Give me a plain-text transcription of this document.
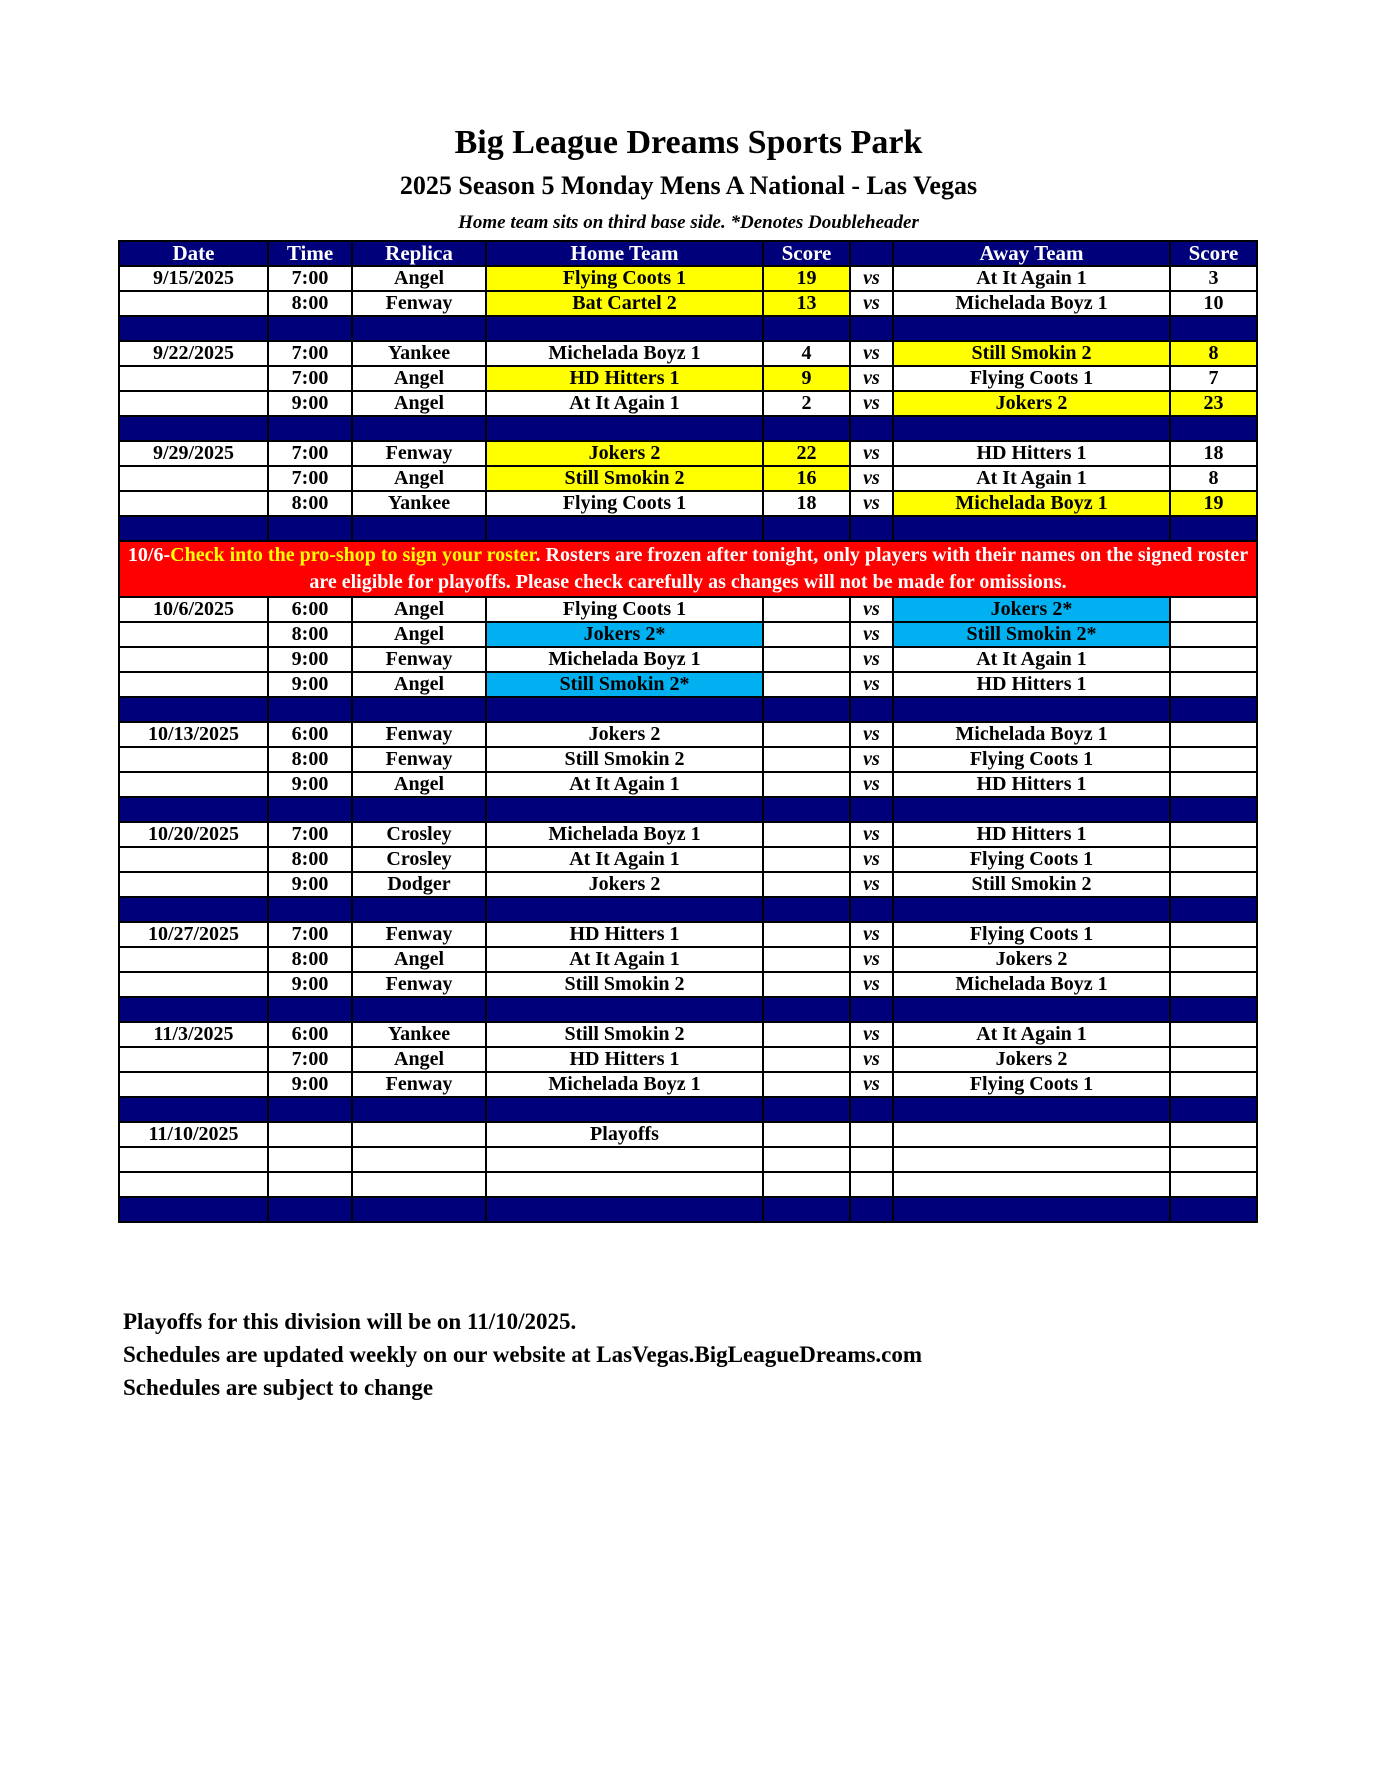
Big League Dreams Sports Park
2025 Season 5 Monday Mens A National - Las Vegas
Home team sits on third base side. *Denotes Doubleheader
Date	Time	Replica	Home Team	Score		Away Team	Score
9/15/2025	7:00	Angel	Flying Coots 1	19	vs	At It Again 1	3
	8:00	Fenway	Bat Cartel 2	13	vs	Michelada Boyz 1	10

9/22/2025	7:00	Yankee	Michelada Boyz 1	4	vs	Still Smokin 2	8
	7:00	Angel	HD Hitters 1	9	vs	Flying Coots 1	7
	9:00	Angel	At It Again 1	2	vs	Jokers 2	23

9/29/2025	7:00	Fenway	Jokers 2	22	vs	HD Hitters 1	18
	7:00	Angel	Still Smokin 2	16	vs	At It Again 1	8
	8:00	Yankee	Flying Coots 1	18	vs	Michelada Boyz 1	19

10/6-Check into the pro-shop to sign your roster. Rosters are frozen after tonight, only players with their names on the signed roster are eligible for playoffs. Please check carefully as changes will not be made for omissions.							
10/6/2025	6:00	Angel	Flying Coots 1		vs	Jokers 2*	
	8:00	Angel	Jokers 2*		vs	Still Smokin 2*	
	9:00	Fenway	Michelada Boyz 1		vs	At It Again 1	
	9:00	Angel	Still Smokin 2*		vs	HD Hitters 1	

10/13/2025	6:00	Fenway	Jokers 2		vs	Michelada Boyz 1	
	8:00	Fenway	Still Smokin 2		vs	Flying Coots 1	
	9:00	Angel	At It Again 1		vs	HD Hitters 1	

10/20/2025	7:00	Crosley	Michelada Boyz 1		vs	HD Hitters 1	
	8:00	Crosley	At It Again 1		vs	Flying Coots 1	
	9:00	Dodger	Jokers 2		vs	Still Smokin 2	

10/27/2025	7:00	Fenway	HD Hitters 1		vs	Flying Coots 1	
	8:00	Angel	At It Again 1		vs	Jokers 2	
	9:00	Fenway	Still Smokin 2		vs	Michelada Boyz 1	

11/3/2025	6:00	Yankee	Still Smokin 2		vs	At It Again 1	
	7:00	Angel	HD Hitters 1		vs	Jokers 2	
	9:00	Fenway	Michelada Boyz 1		vs	Flying Coots 1	

11/10/2025			Playoffs				

Playoffs for this division will be on 11/10/2025.
Schedules are updated weekly on our website at LasVegas.BigLeagueDreams.com
Schedules are subject to change
